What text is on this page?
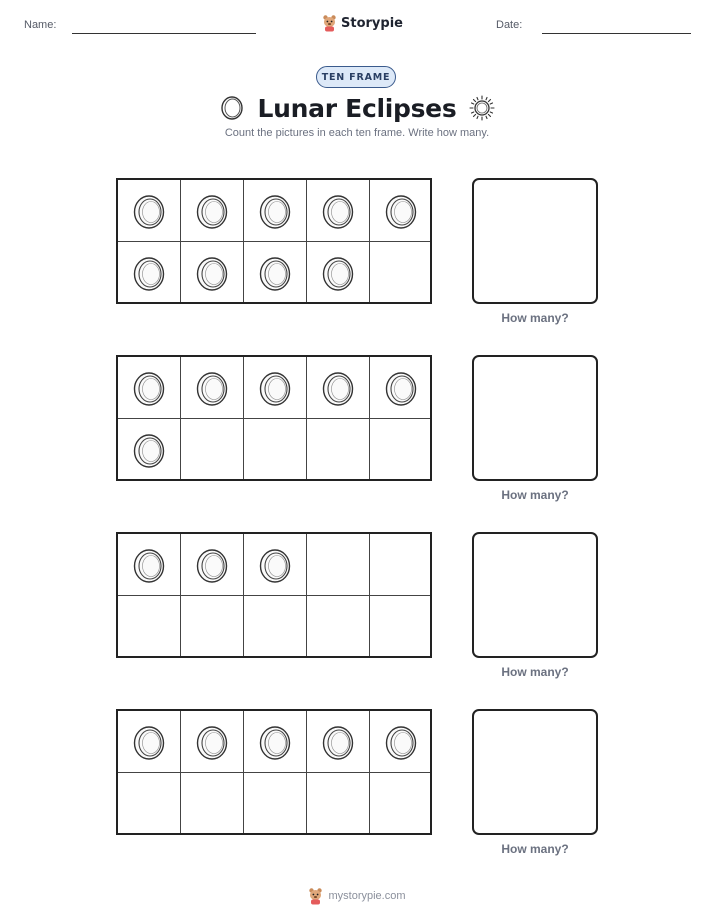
Name:	Storypie	Date:
TEN FRAME
Lunar Eclipses
Count the pictures in each ten frame. Write how many.
How many?
How many?
How many?
How many?
mystorypie.com
